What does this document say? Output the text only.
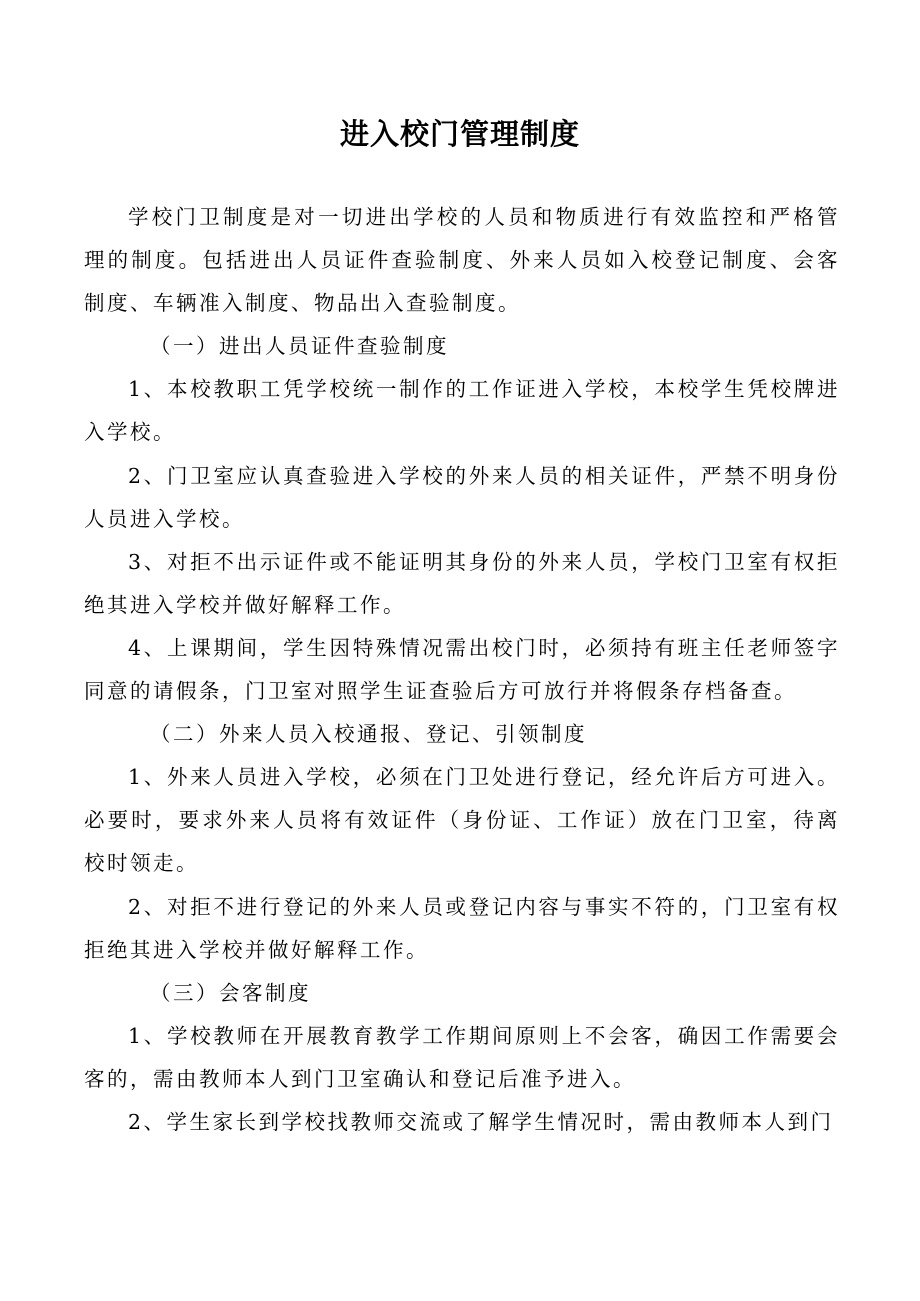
进入校门管理制度

学校门卫制度是对一切进出学校的人员和物质进行有效监控和严格管理的制度。包括进出人员证件查验制度、外来人员如入校登记制度、会客制度、车辆准入制度、物品出入查验制度。

（一）进出人员证件查验制度

1、本校教职工凭学校统一制作的工作证进入学校，本校学生凭校牌进入学校。

2、门卫室应认真查验进入学校的外来人员的相关证件，严禁不明身份人员进入学校。

3、对拒不出示证件或不能证明其身份的外来人员，学校门卫室有权拒绝其进入学校并做好解释工作。

4、上课期间，学生因特殊情况需出校门时，必须持有班主任老师签字同意的请假条，门卫室对照学生证查验后方可放行并将假条存档备查。

（二）外来人员入校通报、登记、引领制度

1、外来人员进入学校，必须在门卫处进行登记，经允许后方可进入。必要时，要求外来人员将有效证件（身份证、工作证）放在门卫室，待离校时领走。

2、对拒不进行登记的外来人员或登记内容与事实不符的，门卫室有权拒绝其进入学校并做好解释工作。

（三）会客制度

1、学校教师在开展教育教学工作期间原则上不会客，确因工作需要会客的，需由教师本人到门卫室确认和登记后准予进入。

2、学生家长到学校找教师交流或了解学生情况时，需由教师本人到门
